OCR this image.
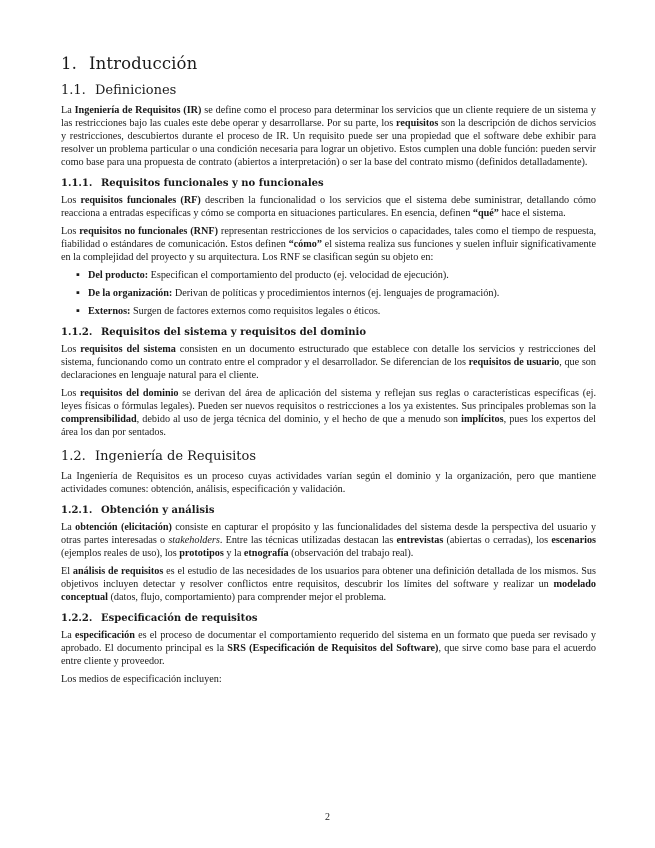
1. Introducción
1.1. Definiciones

La Ingeniería de Requisitos (IR) se define como el proceso para determinar los servicios que un cliente requiere de un sistema y las restricciones bajo las cuales este debe operar y desarrollarse. Por su parte, los requisitos son la descripción de dichos servicios y restricciones, descubiertos durante el proceso de IR. Un requisito puede ser una propiedad que el software debe exhibir para resolver un problema particular o una condición necesaria para lograr un objetivo. Estos cumplen una doble función: pueden servir como base para una propuesta de contrato (abiertos a interpretación) o ser la base del contrato mismo (definidos detalladamente).

1.1.1. Requisitos funcionales y no funcionales

Los requisitos funcionales (RF) describen la funcionalidad o los servicios que el sistema debe suministrar, detallando cómo reacciona a entradas específicas y cómo se comporta en situaciones particulares. En esencia, definen “qué” hace el sistema.

Los requisitos no funcionales (RNF) representan restricciones de los servicios o capacidades, tales como el tiempo de respuesta, fiabilidad o estándares de comunicación. Estos definen “cómo” el sistema realiza sus funciones y suelen influir significativamente en la complejidad del proyecto y su arquitectura. Los RNF se clasifican según su objeto en:

▪ Del producto: Especifican el comportamiento del producto (ej. velocidad de ejecución).
▪ De la organización: Derivan de políticas y procedimientos internos (ej. lenguajes de programación).
▪ Externos: Surgen de factores externos como requisitos legales o éticos.
1.1.2. Requisitos del sistema y requisitos del dominio

Los requisitos del sistema consisten en un documento estructurado que establece con detalle los servicios y restricciones del sistema, funcionando como un contrato entre el comprador y el desarrollador. Se diferencian de los requisitos de usuario, que son declaraciones en lenguaje natural para el cliente.

Los requisitos del dominio se derivan del área de aplicación del sistema y reflejan sus reglas o características específicas (ej. leyes físicas o fórmulas legales). Pueden ser nuevos requisitos o restricciones a los ya existentes. Sus principales problemas son la comprensibilidad, debido al uso de jerga técnica del dominio, y el hecho de que a menudo son implícitos, pues los expertos del área los dan por sentados.

1.2. Ingeniería de Requisitos

La Ingeniería de Requisitos es un proceso cuyas actividades varían según el dominio y la organización, pero que mantiene actividades comunes: obtención, análisis, especificación y validación.

1.2.1. Obtención y análisis

La obtención (elicitación) consiste en capturar el propósito y las funcionalidades del sistema desde la perspectiva del usuario y otras partes interesadas o stakeholders. Entre las técnicas utilizadas destacan las entrevistas (abiertas o cerradas), los escenarios (ejemplos reales de uso), los prototipos y la etnografía (observación del trabajo real).

El análisis de requisitos es el estudio de las necesidades de los usuarios para obtener una definición detallada de los mismos. Sus objetivos incluyen detectar y resolver conflictos entre requisitos, descubrir los límites del software y realizar un modelado conceptual (datos, flujo, comportamiento) para comprender mejor el problema.

1.2.2. Especificación de requisitos

La especificación es el proceso de documentar el comportamiento requerido del sistema en un formato que pueda ser revisado y aprobado. El documento principal es la SRS (Especificación de Requisitos del Software), que sirve como base para el acuerdo entre cliente y proveedor.

Los medios de especificación incluyen:

2
